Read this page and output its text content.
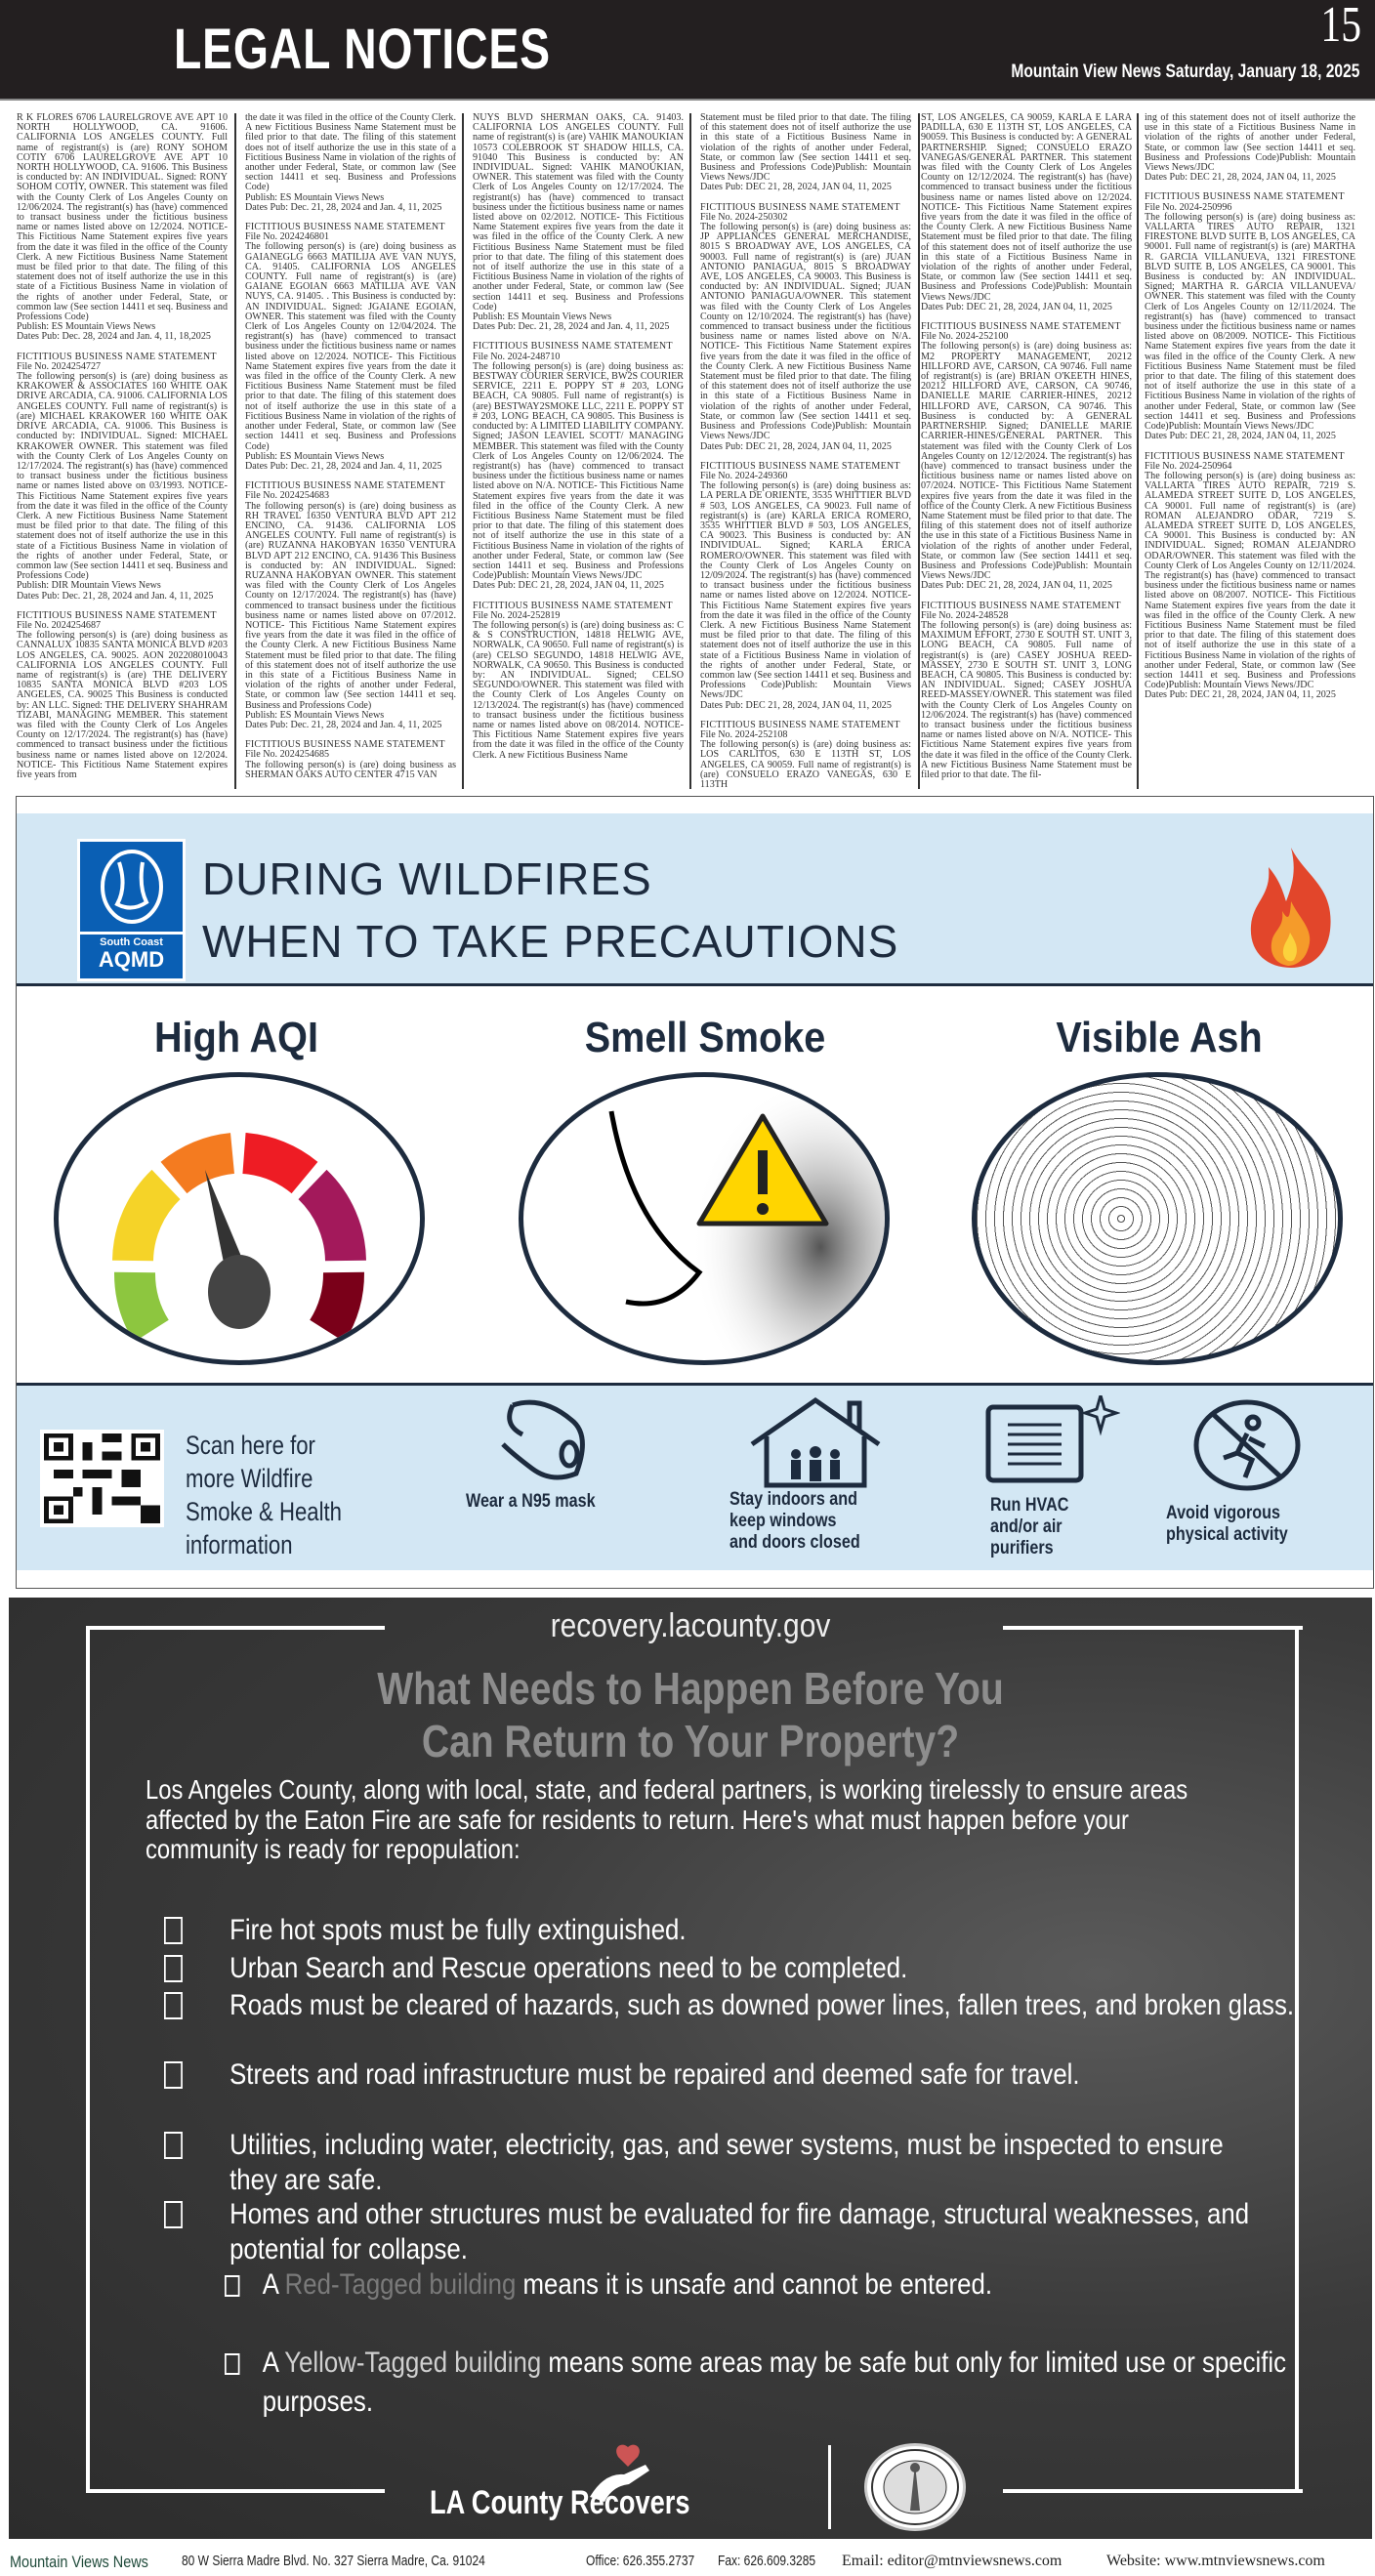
LEGAL NOTICES	15
Mountain View News Saturday, January 18, 2025
R K FLORES 6706 LAURELGROVE AVE APT 10 NORTH HOLLYWOOD, CA. 91606. CALIFORNIA LOS ANGELES COUNTY. Full name of registrant(s) is (are) RONY SOHOM COTIY 6706 LAURELGROVE AVE APT 10 NORTH HOLLYWOOD, CA. 91606. This Business is conducted by: AN INDIVIDUAL. Signed: RONY SOHOM COTIY, OWNER. This statement was filed with the County Clerk of Los Angeles County on 12/06/2024. The registrant(s) has (have) commenced to transact business under the fictitious business name or names listed above on 12/2024. NOTICE- This Fictitious Name Statement expires five years from the date it was filed in the office of the County Clerk. A new Fictitious Business Name Statement must be filed prior to that date. The filing of this statement does not of itself authorize the use in this state of a Fictitious Business Name in violation of the rights of another under Federal, State, or common law (See section 14411 et seq. Business and Professions Code)
Publish: ES Mountain Views News
Dates Pub: Dec. 28, 2024 and Jan. 4, 11, 18,2025
FICTITIOUS BUSINESS NAME STATEMENT
File No. 2024254727
The following person(s) is (are) doing business as KRAKOWER & ASSOCIATES 160 WHITE OAK DRIVE ARCADIA, CA. 91006. CALIFORNIA LOS ANGELES COUNTY. Full name of registrant(s) is (are) MICHAEL KRAKOWER 160 WHITE OAK DRIVE ARCADIA, CA. 91006. This Business is conducted by: INDIVIDUAL. Signed: MICHAEL KRAKOWER OWNER. This statement was filed with the County Clerk of Los Angeles County on 12/17/2024. The registrant(s) has (have) commenced to transact business under the fictitious business name or names listed above on 03/1993. NOTICE- This Fictitious Name Statement expires five years from the date it was filed in the office of the County Clerk. A new Fictitious Business Name Statement must be filed prior to that date. The filing of this statement does not of itself authorize the use in this state of a Fictitious Business Name in violation of the rights of another under Federal, State, or common law (See section 14411 et seq. Business and Professions Code)
Publish: DIR Mountain Views News
Dates Pub: Dec. 21, 28, 2024 and Jan. 4, 11, 2025
FICTITIOUS BUSINESS NAME STATEMENT
File No. 2024254687
The following person(s) is (are) doing business as CANNALUX 10835 SANTA MONICA BLVD #203 LOS ANGELES, CA. 90025. AON 202208010043 CALIFORNIA LOS ANGELES COUNTY. Full name of registrant(s) is (are) THE DELIVERY 10835 SANTA MONICA BLVD #203 LOS ANGELES, CA. 90025 This Business is conducted by: AN LLC. Signed: THE DELIVERY SHAHRAM TIZABI, MANAGING MEMBER. This statement was filed with the County Clerk of Los Angeles County on 12/17/2024. The registrant(s) has (have) commenced to transact business under the fictitious business name or names listed above on 12/2024. NOTICE- This Fictitious Name Statement expires five years from
the date it was filed in the office of the County Clerk. A new Fictitious Business Name Statement must be filed prior to that date. The filing of this statement does not of itself authorize the use in this state of a Fictitious Business Name in violation of the rights of another under Federal, State, or common law (See section 14411 et seq. Business and Professions Code)
Publish: ES Mountain Views News
Dates Pub: Dec. 21, 28, 2024 and Jan. 4, 11, 2025
FICTITIOUS BUSINESS NAME STATEMENT
File No. 2024246801
The following person(s) is (are) doing business as GAIANEGLG 6663 MATILIJA AVE VAN NUYS, CA. 91405. CALIFORNIA LOS ANGELES COUNTY. Full name of registrant(s) is (are) GAIANE EGOIAN 6663 MATILIJA AVE VAN NUYS, CA. 91405. . This Business is conducted by: AN INDIVIDUAL. Signed: JGAIANE EGOIAN, OWNER. This statement was filed with the County Clerk of Los Angeles County on 12/04/2024. The registrant(s) has (have) commenced to transact business under the fictitious business name or names listed above on 12/2024. NOTICE- This Fictitious Name Statement expires five years from the date it was filed in the office of the County Clerk. A new Fictitious Business Name Statement must be filed prior to that date. The filing of this statement does not of itself authorize the use in this state of a Fictitious Business Name in violation of the rights of another under Federal, State, or common law (See section 14411 et seq. Business and Professions Code)
Publish: ES Mountain Views News
Dates Pub: Dec. 21, 28, 2024 and Jan. 4, 11, 2025
FICTITIOUS BUSINESS NAME STATEMENT
File No. 2024254683
The following person(s) is (are) doing business as RH TRAVEL 16350 VENTURA BLVD APT 212 ENCINO, CA. 91436. CALIFORNIA LOS ANGELES COUNTY. Full name of registrant(s) is (are) RUZANNA HAKOBYAN 16350 VENTURA BLVD APT 212 ENCINO, CA. 91436 This Business is conducted by: AN INDIVIDUAL. Signed: RUZANNA HAKOBYAN OWNER. This statement was filed with the County Clerk of Los Angeles County on 12/17/2024. The registrant(s) has (have) commenced to transact business under the fictitious business name or names listed above on 07/2012. NOTICE- This Fictitious Name Statement expires five years from the date it was filed in the office of the County Clerk. A new Fictitious Business Name Statement must be filed prior to that date. The filing of this statement does not of itself authorize the use in this state of a Fictitious Business Name in violation of the rights of another under Federal, State, or common law (See section 14411 et seq. Business and Professions Code)
Publish: ES Mountain Views News
Dates Pub: Dec. 21, 28, 2024 and Jan. 4, 11, 2025
FICTITIOUS BUSINESS NAME STATEMENT
File No. 2024254685
The following person(s) is (are) doing business as SHERMAN OAKS AUTO CENTER 4715 VAN
NUYS BLVD SHERMAN OAKS, CA. 91403. CALIFORNIA LOS ANGELES COUNTY. Full name of registrant(s) is (are) VAHIK MANOUKIAN 10573 COLEBROOK ST SHADOW HILLS, CA. 91040 This Business is conducted by: AN INDIVIDUAL. Signed: VAHIK MANOUKIAN, OWNER. This statement was filed with the County Clerk of Los Angeles County on 12/17/2024. The registrant(s) has (have) commenced to transact business under the fictitious business name or names listed above on 02/2012. NOTICE- This Fictitious Name Statement expires five years from the date it was filed in the office of the County Clerk. A new Fictitious Business Name Statement must be filed prior to that date. The filing of this statement does not of itself authorize the use in this state of a Fictitious Business Name in violation of the rights of another under Federal, State, or common law (See section 14411 et seq. Business and Professions Code)
Publish: ES Mountain Views News
Dates Pub: Dec. 21, 28, 2024 and Jan. 4, 11, 2025
FICTITIOUS BUSINESS NAME STATEMENT
File No. 2024-248710
The following person(s) is (are) doing business as: BESTWAY COURIER SERVICE, BW2S COURIER SERVICE, 2211 E. POPPY ST # 203, LONG BEACH, CA 90805. Full name of registrant(s) is (are) BESTWAY2SMOKE LLC, 2211 E. POPPY ST # 203, LONG BEACH, CA 90805. This Business is conducted by: A LIMITED LIABILITY COMPANY. Signed; JASON LEAVIEL SCOTT/ MANAGING MEMBER. This statement was filed with the County Clerk of Los Angeles County on 12/06/2024. The registrant(s) has (have) commenced to transact business under the fictitious business name or names listed above on N/A. NOTICE- This Fictitious Name Statement expires five years from the date it was filed in the office of the County Clerk. A new Fictitious Business Name Statement must be filed prior to that date. The filing of this statement does not of itself authorize the use in this state of a Fictitious Business Name in violation of the rights of another under Federal, State, or common law (See section 14411 et seq. Business and Professions Code)Publish: Mountain Views News/JDC
Dates Pub: DEC 21, 28, 2024, JAN 04, 11, 2025
FICTITIOUS BUSINESS NAME STATEMENT
File No. 2024-252819
The following person(s) is (are) doing business as: C & S CONSTRUCTION, 14818 HELWIG AVE, NORWALK, CA 90650. Full name of registrant(s) is (are) CELSO SEGUNDO, 14818 HELWIG AVE, NORWALK, CA 90650. This Business is conducted by: AN INDIVIDUAL. Signed; CELSO SEGUNDO/OWNER. This statement was filed with the County Clerk of Los Angeles County on 12/13/2024. The registrant(s) has (have) commenced to transact business under the fictitious business name or names listed above on 08/2014. NOTICE- This Fictitious Name Statement expires five years from the date it was filed in the office of the County Clerk. A new Fictitious Business Name
Statement must be filed prior to that date. The filing of this statement does not of itself authorize the use in this state of a Fictitious Business Name in violation of the rights of another under Federal, State, or common law (See section 14411 et seq. Business and Professions Code)Publish: Mountain Views News/JDC
Dates Pub: DEC 21, 28, 2024, JAN 04, 11, 2025
FICTITIOUS BUSINESS NAME STATEMENT
File No. 2024-250302
The following person(s) is (are) doing business as: JP APPLIANCES GENERAL MERCHANDISE, 8015 S BROADWAY AVE, LOS ANGELES, CA 90003. Full name of registrant(s) is (are) JUAN ANTONIO PANIAGUA, 8015 S BROADWAY AVE, LOS ANGELES, CA 90003. This Business is conducted by: AN INDIVIDUAL. Signed; JUAN ANTONIO PANIAGUA/OWNER. This statement was filed with the County Clerk of Los Angeles County on 12/10/2024. The registrant(s) has (have) commenced to transact business under the fictitious business name or names listed above on N/A. NOTICE- This Fictitious Name Statement expires five years from the date it was filed in the office of the County Clerk. A new Fictitious Business Name Statement must be filed prior to that date. The filing of this statement does not of itself authorize the use in this state of a Fictitious Business Name in violation of the rights of another under Federal, State, or common law (See section 14411 et seq. Business and Professions Code)Publish: Mountain Views News/JDC
Dates Pub: DEC 21, 28, 2024, JAN 04, 11, 2025
FICTITIOUS BUSINESS NAME STATEMENT
File No. 2024-249360
The following person(s) is (are) doing business as: LA PERLA DE ORIENTE, 3535 WHITTIER BLVD # 503, LOS ANGELES, CA 90023. Full name of registrant(s) is (are) KARLA ERICA ROMERO, 3535 WHITTIER BLVD # 503, LOS ANGELES, CA 90023. This Business is conducted by: AN INDIVIDUAL. Signed; KARLA ERICA ROMERO/OWNER. This statement was filed with the County Clerk of Los Angeles County on 12/09/2024. The registrant(s) has (have) commenced to transact business under the fictitious business name or names listed above on 12/2024. NOTICE- This Fictitious Name Statement expires five years from the date it was filed in the office of the County Clerk. A new Fictitious Business Name Statement must be filed prior to that date. The filing of this statement does not of itself authorize the use in this state of a Fictitious Business Name in violation of the rights of another under Federal, State, or common law (See section 14411 et seq. Business and Professions Code)Publish: Mountain Views News/JDC
Dates Pub: DEC 21, 28, 2024, JAN 04, 11, 2025
FICTITIOUS BUSINESS NAME STATEMENT
File No. 2024-252108
The following person(s) is (are) doing business as: LOS CARLITOS, 630 E 113TH ST, LOS ANGELES, CA 90059. Full name of registrant(s) is (are) CONSUELO ERAZO VANEGAS, 630 E 113TH
ST, LOS ANGELES, CA 90059, KARLA E LARA PADILLA, 630 E 113TH ST, LOS ANGELES, CA 90059. This Business is conducted by: A GENERAL PARTNERSHIP. Signed; CONSUELO ERAZO VANEGAS/GENERAL PARTNER. This statement was filed with the County Clerk of Los Angeles County on 12/12/2024. The registrant(s) has (have) commenced to transact business under the fictitious business name or names listed above on 12/2024. NOTICE- This Fictitious Name Statement expires five years from the date it was filed in the office of the County Clerk. A new Fictitious Business Name Statement must be filed prior to that date. The filing of this statement does not of itself authorize the use in this state of a Fictitious Business Name in violation of the rights of another under Federal, State, or common law (See section 14411 et seq. Business and Professions Code)Publish: Mountain Views News/JDC
Dates Pub: DEC 21, 28, 2024, JAN 04, 11, 2025
FICTITIOUS BUSINESS NAME STATEMENT
File No. 2024-252100
The following person(s) is (are) doing business as: M2 PROPERTY MANAGEMENT, 20212 HILLFORD AVE, CARSON, CA 90746. Full name of registrant(s) is (are) BRIAN O'KEETH HINES, 20212 HILLFORD AVE, CARSON, CA 90746, DANIELLE MARIE CARRIER-HINES, 20212 HILLFORD AVE, CARSON, CA 90746. This Business is conducted by: A GENERAL PARTNERSHIP. Signed; DANIELLE MARIE CARRIER-HINES/GENERAL PARTNER. This statement was filed with the County Clerk of Los Angeles County on 12/12/2024. The registrant(s) has (have) commenced to transact business under the fictitious business name or names listed above on 07/2024. NOTICE- This Fictitious Name Statement expires five years from the date it was filed in the office of the County Clerk. A new Fictitious Business Name Statement must be filed prior to that date. The filing of this statement does not of itself authorize the use in this state of a Fictitious Business Name in violation of the rights of another under Federal, State, or common law (See section 14411 et seq. Business and Professions Code)Publish: Mountain Views News/JDC
Dates Pub: DEC 21, 28, 2024, JAN 04, 11, 2025
FICTITIOUS BUSINESS NAME STATEMENT
File No. 2024-248528
The following person(s) is (are) doing business as: MAXIMUM EFFORT, 2730 E SOUTH ST. UNIT 3, LONG BEACH, CA 90805. Full name of registrant(s) is (are) CASEY JOSHUA REED-MASSEY, 2730 E SOUTH ST. UNIT 3, LONG BEACH, CA 90805. This Business is conducted by: AN INDIVIDUAL. Signed; CASEY JOSHUA REED-MASSEY/OWNER. This statement was filed with the County Clerk of Los Angeles County on 12/06/2024. The registrant(s) has (have) commenced to transact business under the fictitious business name or names listed above on N/A. NOTICE- This Fictitious Name Statement expires five years from the date it was filed in the office of the County Clerk. A new Fictitious Business Name Statement must be filed prior to that date. The fil-
ing of this statement does not of itself authorize the use in this state of a Fictitious Business Name in violation of the rights of another under Federal, State, or common law (See section 14411 et seq. Business and Professions Code)Publish: Mountain Views News/JDC
Dates Pub: DEC 21, 28, 2024, JAN 04, 11, 2025
FICTITIOUS BUSINESS NAME STATEMENT
File No. 2024-250996
The following person(s) is (are) doing business as: VALLARTA TIRES AUTO REPAIR, 1321 FIRESTONE BLVD SUITE B, LOS ANGELES, CA 90001. Full name of registrant(s) is (are) MARTHA R. GARCIA VILLANUEVA, 1321 FIRESTONE BLVD SUITE B, LOS ANGELES, CA 90001. This Business is conducted by: AN INDIVIDUAL. Signed; MARTHA R. GARCIA VILLANUEVA/ OWNER. This statement was filed with the County Clerk of Los Angeles County on 12/11/2024. The registrant(s) has (have) commenced to transact business under the fictitious business name or names listed above on 08/2009. NOTICE- This Fictitious Name Statement expires five years from the date it was filed in the office of the County Clerk. A new Fictitious Business Name Statement must be filed prior to that date. The filing of this statement does not of itself authorize the use in this state of a Fictitious Business Name in violation of the rights of another under Federal, State, or common law (See section 14411 et seq. Business and Professions Code)Publish: Mountain Views News/JDC
Dates Pub: DEC 21, 28, 2024, JAN 04, 11, 2025
FICTITIOUS BUSINESS NAME STATEMENT
File No. 2024-250964
The following person(s) is (are) doing business as: VALLARTA TIRES AUTO REPAIR, 7219 S. ALAMEDA STREET SUITE D, LOS ANGELES, CA 90001. Full name of registrant(s) is (are) ROMAN ALEJANDRO ODAR, 7219 S. ALAMEDA STREET SUITE D, LOS ANGELES, CA 90001. This Business is conducted by: AN INDIVIDUAL. Signed; ROMAN ALEJANDRO ODAR/OWNER. This statement was filed with the County Clerk of Los Angeles County on 12/11/2024. The registrant(s) has (have) commenced to transact business under the fictitious business name or names listed above on 08/2007. NOTICE- This Fictitious Name Statement expires five years from the date it was filed in the office of the County Clerk. A new Fictitious Business Name Statement must be filed prior to that date. The filing of this statement does not of itself authorize the use in this state of a Fictitious Business Name in violation of the rights of another under Federal, State, or common law (See section 14411 et seq. Business and Professions Code)Publish: Mountain Views News/JDC
Dates Pub: DEC 21, 28, 2024, JAN 04, 11, 2025
South Coast
AQMD
DURING WILDFIRES
WHEN TO TAKE PRECAUTIONS
High AQI	Smell Smoke	Visible Ash
Scan here for
more Wildfire
Smoke & Health
information
Wear a N95 mask	Stay indoors and
keep windows
and doors closed
Run HVAC
and/or air
purifiers
Avoid vigorous
physical activity
recovery.lacounty.gov
What Needs to Happen Before You
Can Return to Your Property?
Los Angeles County, along with local, state, and federal partners, is working tirelessly to ensure areas affected by the Eaton Fire are safe for residents to return. Here's what must happen before your community is ready for repopulation:
Fire hot spots must be fully extinguished.
Urban Search and Rescue operations need to be completed.
Roads must be cleared of hazards, such as downed power lines, fallen trees, and broken glass.
Streets and road infrastructure must be repaired and deemed safe for travel.
Utilities, including water, electricity, gas, and sewer systems, must be inspected to ensure they are safe.
Homes and other structures must be evaluated for fire damage, structural weaknesses, and potential for collapse.
A Red-Tagged building means it is unsafe and cannot be entered.
A Yellow-Tagged building means some areas may be safe but only for limited use or specific purposes.
LA County Recovers
Mountain Views News 80 W Sierra Madre Blvd. No. 327 Sierra Madre, Ca. 91024	Office: 626.355.2737 Fax: 626.609.3285 Email: editor@mtnviewsnews.com	Website: www.mtnviewsnews.com
